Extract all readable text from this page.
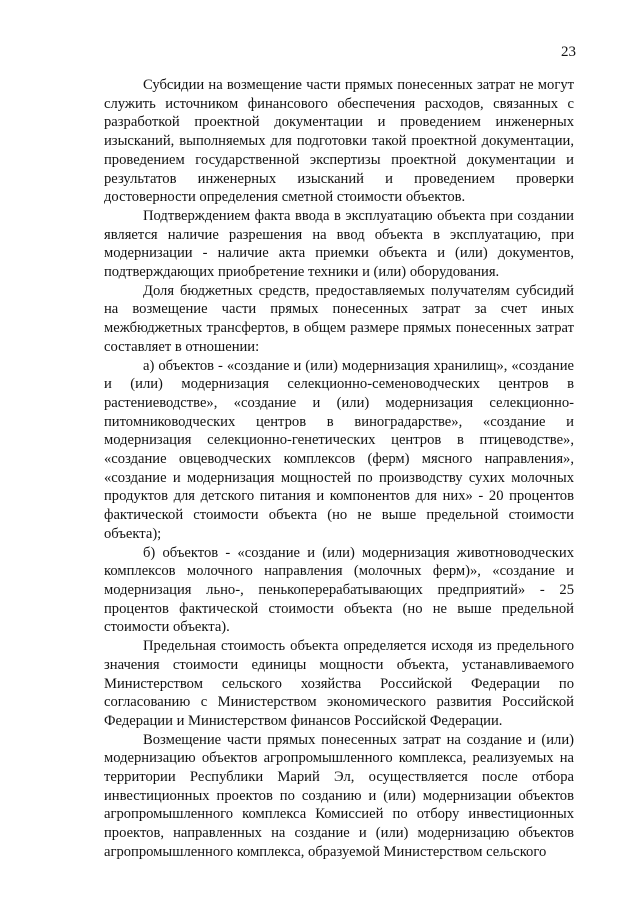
23

Субсидии на возмещение части прямых понесенных затрат не могут служить источником финансового обеспечения расходов, связанных с разработкой проектной документации и проведением инженерных изысканий, выполняемых для подготовки такой проектной документации, проведением государственной экспертизы проектной документации и результатов инженерных изысканий и проведением проверки достоверности определения сметной стоимости объектов.

Подтверждением факта ввода в эксплуатацию объекта при создании является наличие разрешения на ввод объекта в эксплуатацию, при модернизации - наличие акта приемки объекта и (или) документов, подтверждающих приобретение техники и (или) оборудования.

Доля бюджетных средств, предоставляемых получателям субсидий на возмещение части прямых понесенных затрат за счет иных межбюджетных трансфертов, в общем размере прямых понесенных затрат составляет в отношении:

а) объектов - «создание и (или) модернизация хранилищ», «создание и (или) модернизация селекционно-семеноводческих центров в растениеводстве», «создание и (или) модернизация селекционно-питомниководческих центров в виноградарстве», «создание и модернизация селекционно-генетических центров в птицеводстве», «создание овцеводческих комплексов (ферм) мясного направления», «создание и модернизация мощностей по производству сухих молочных продуктов для детского питания и компонентов для них» - 20 процентов фактической стоимости объекта (но не выше предельной стоимости объекта);

б) объектов - «создание и (или) модернизация животноводческих комплексов молочного направления (молочных ферм)», «создание и модернизация льно-, пенькоперерабатывающих предприятий» - 25 процентов фактической стоимости объекта (но не выше предельной стоимости объекта).

Предельная стоимость объекта определяется исходя из предельного значения стоимости единицы мощности объекта, устанавливаемого Министерством сельского хозяйства Российской Федерации по согласованию с Министерством экономического развития Российской Федерации и Министерством финансов Российской Федерации.

Возмещение части прямых понесенных затрат на создание и (или) модернизацию объектов агропромышленного комплекса, реализуемых на территории Республики Марий Эл, осуществляется после отбора инвестиционных проектов по созданию и (или) модернизации объектов агропромышленного комплекса Комиссией по отбору инвестиционных проектов, направленных на создание и (или) модернизацию объектов агропромышленного комплекса, образуемой Министерством сельского
